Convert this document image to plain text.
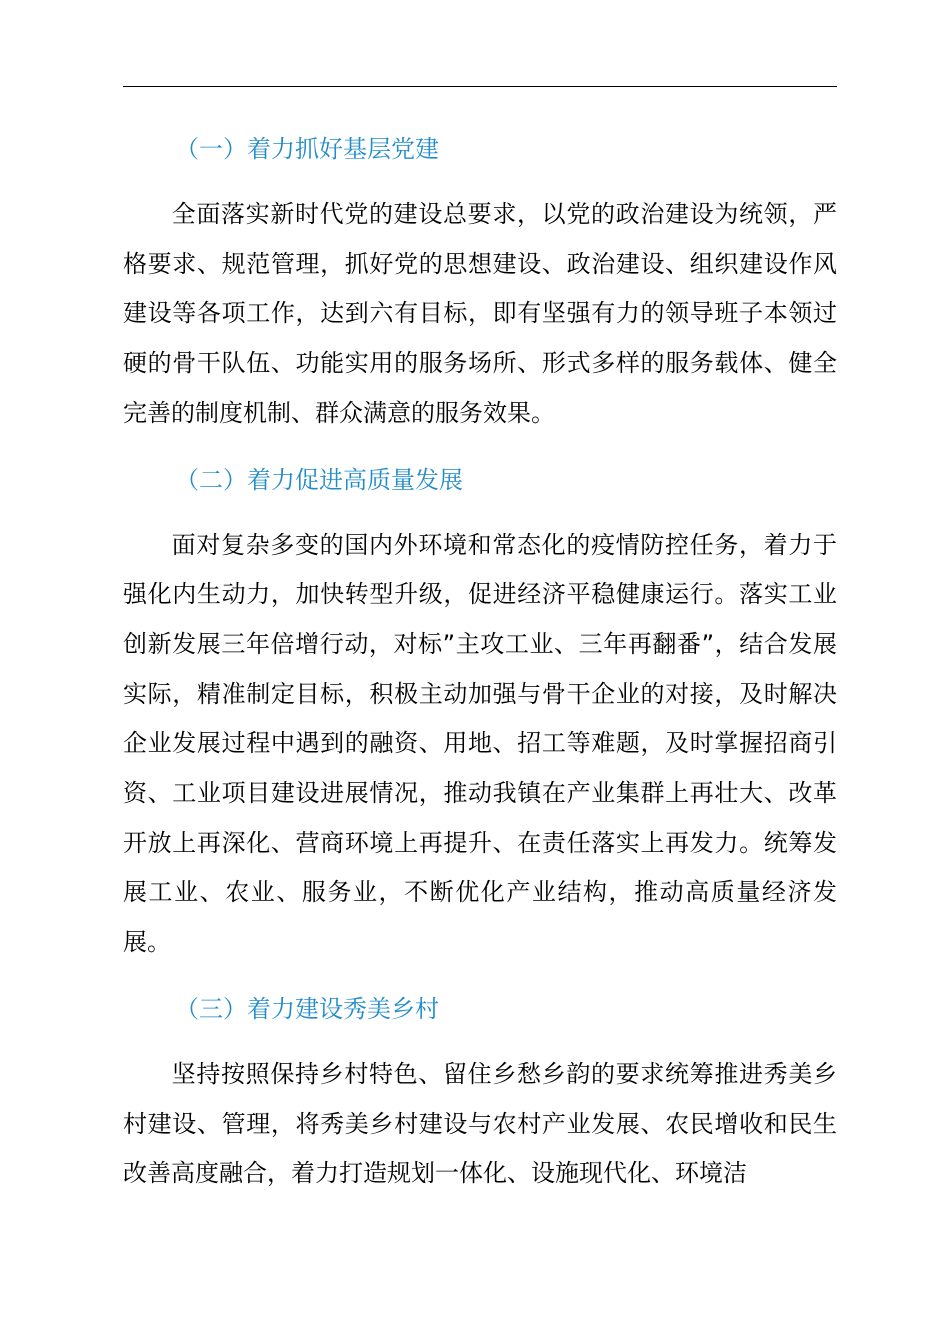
（一）着力抓好基层党建

全面落实新时代党的建设总要求，以党的政治建设为统领，严格要求、规范管理，抓好党的思想建设、政治建设、组织建设作风建设等各项工作，达到六有目标，即有坚强有力的领导班子本领过硬的骨干队伍、功能实用的服务场所、形式多样的服务载体、健全完善的制度机制、群众满意的服务效果。

（二）着力促进高质量发展

面对复杂多变的国内外环境和常态化的疫情防控任务，着力于强化内生动力，加快转型升级，促进经济平稳健康运行。落实工业创新发展三年倍增行动，对标”主攻工业、三年再翻番”，结合发展实际，精准制定目标，积极主动加强与骨干企业的对接，及时解决企业发展过程中遇到的融资、用地、招工等难题，及时掌握招商引资、工业项目建设进展情况，推动我镇在产业集群上再壮大、改革开放上再深化、营商环境上再提升、在责任落实上再发力。统筹发展工业、农业、服务业，不断优化产业结构，推动高质量经济发展。

（三）着力建设秀美乡村

坚持按照保持乡村特色、留住乡愁乡韵的要求统筹推进秀美乡村建设、管理，将秀美乡村建设与农村产业发展、农民增收和民生改善高度融合，着力打造规划一体化、设施现代化、环境洁
